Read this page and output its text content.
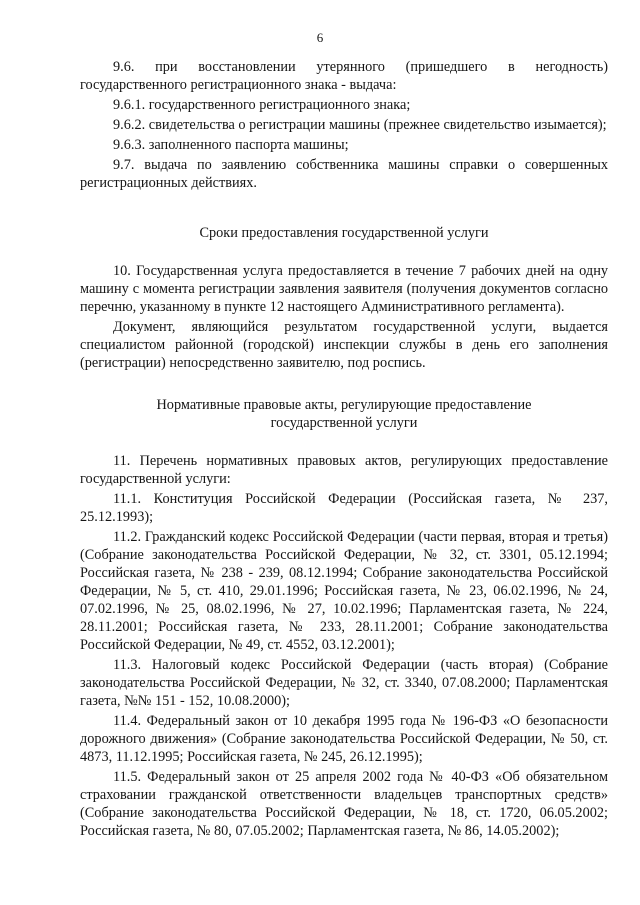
6

9.6. при восстановлении утерянного (пришедшего в негодность) государственного регистрационного знака - выдача:

9.6.1. государственного регистрационного знака;

9.6.2. свидетельства о регистрации машины (прежнее свидетельство изымается);

9.6.3. заполненного паспорта машины;

9.7. выдача по заявлению собственника машины справки о совершенных регистрационных действиях.

Сроки предоставления государственной услуги

10. Государственная услуга предоставляется в течение 7 рабочих дней на одну машину с момента регистрации заявления заявителя (получения документов согласно перечню, указанному в пункте 12 настоящего Административного регламента).

Документ, являющийся результатом государственной услуги, выдается специалистом районной (городской) инспекции службы в день его заполнения (регистрации) непосредственно заявителю, под роспись.

Нормативные правовые акты, регулирующие предоставление
государственной услуги

11. Перечень нормативных правовых актов, регулирующих предоставление государственной услуги:

11.1. Конституция Российской Федерации (Российская газета, № 237, 25.12.1993);

11.2. Гражданский кодекс Российской Федерации (части первая, вторая и третья) (Собрание законодательства Российской Федерации, № 32, ст. 3301, 05.12.1994; Российская газета, № 238 - 239, 08.12.1994; Собрание законодательства Российской Федерации, № 5, ст. 410, 29.01.1996; Российская газета, № 23, 06.02.1996, № 24, 07.02.1996, № 25, 08.02.1996, № 27, 10.02.1996; Парламентская газета, № 224, 28.11.2001; Российская газета, № 233, 28.11.2001; Собрание законодательства Российской Федерации, № 49, ст. 4552, 03.12.2001);

11.3. Налоговый кодекс Российской Федерации (часть вторая) (Собрание законодательства Российской Федерации, № 32, ст. 3340, 07.08.2000; Парламентская газета, №№ 151 - 152, 10.08.2000);

11.4. Федеральный закон от 10 декабря 1995 года № 196-ФЗ «О безопасности дорожного движения» (Собрание законодательства Российской Федерации, № 50, ст. 4873, 11.12.1995; Российская газета, № 245, 26.12.1995);

11.5. Федеральный закон от 25 апреля 2002 года № 40-ФЗ «Об обязательном страховании гражданской ответственности владельцев транспортных средств» (Собрание законодательства Российской Федерации, № 18, ст. 1720, 06.05.2002; Российская газета, № 80, 07.05.2002; Парламентская газета, № 86, 14.05.2002);
